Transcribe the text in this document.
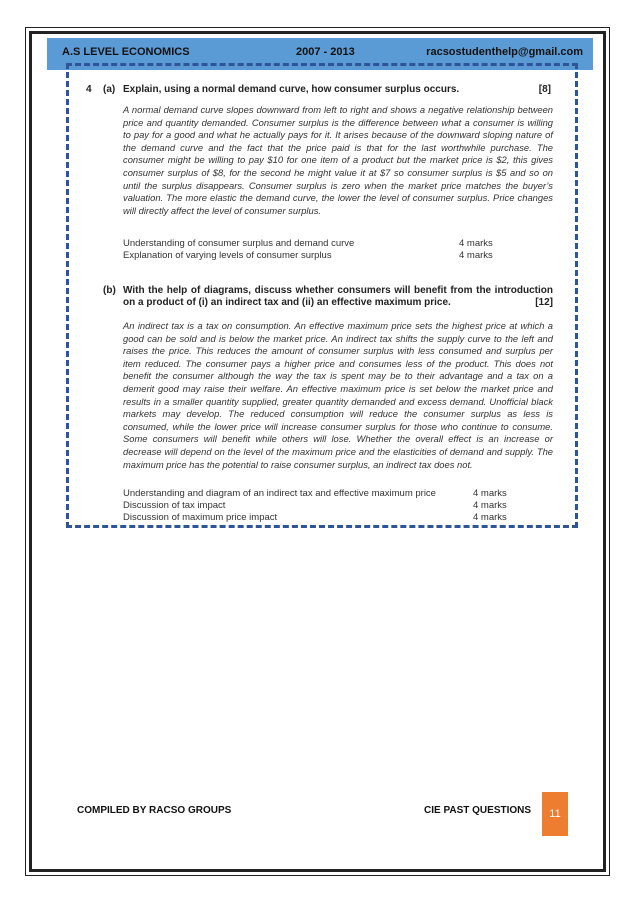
A.S LEVEL ECONOMICS	2007 - 2013	racsostudenthelp@gmail.com
4 (a) Explain, using a normal demand curve, how consumer surplus occurs.	[8]
A normal demand curve slopes downward from left to right and shows a negative relationship between price and quantity demanded. Consumer surplus is the difference between what a consumer is willing to pay for a good and what he actually pays for it. It arises because of the downward sloping nature of the demand curve and the fact that the price paid is that for the last worthwhile purchase. The consumer might be willing to pay $10 for one item of a product but the market price is $2, this gives consumer surplus of $8, for the second he might value it at $7 so consumer surplus is $5 and so on until the surplus disappears. Consumer surplus is zero when the market price matches the buyer’s valuation. The more elastic the demand curve, the lower the level of consumer surplus. Price changes will directly affect the level of consumer surplus.
Understanding of consumer surplus and demand curve	4 marks
Explanation of varying levels of consumer surplus	4 marks
(b) With the help of diagrams, discuss whether consumers will benefit from the introduction on a product of (i) an indirect tax and (ii) an effective maximum price.	[12]
An indirect tax is a tax on consumption. An effective maximum price sets the highest price at which a good can be sold and is below the market price. An indirect tax shifts the supply curve to the left and raises the price. This reduces the amount of consumer surplus with less consumed and surplus per item reduced. The consumer pays a higher price and consumes less of the product. This does not benefit the consumer although the way the tax is spent may be to their advantage and a tax on a demerit good may raise their welfare. An effective maximum price is set below the market price and results in a smaller quantity supplied, greater quantity demanded and excess demand. Unofficial black markets may develop. The reduced consumption will reduce the consumer surplus as less is consumed, while the lower price will increase consumer surplus for those who continue to consume. Some consumers will benefit while others will lose. Whether the overall effect is an increase or decrease will depend on the level of the maximum price and the elasticities of demand and supply. The maximum price has the potential to raise consumer surplus, an indirect tax does not.
Understanding and diagram of an indirect tax and effective maximum price	4 marks
Discussion of tax impact	4 marks
Discussion of maximum price impact	4 marks
COMPILED BY RACSO GROUPS	CIE PAST QUESTIONS	11
